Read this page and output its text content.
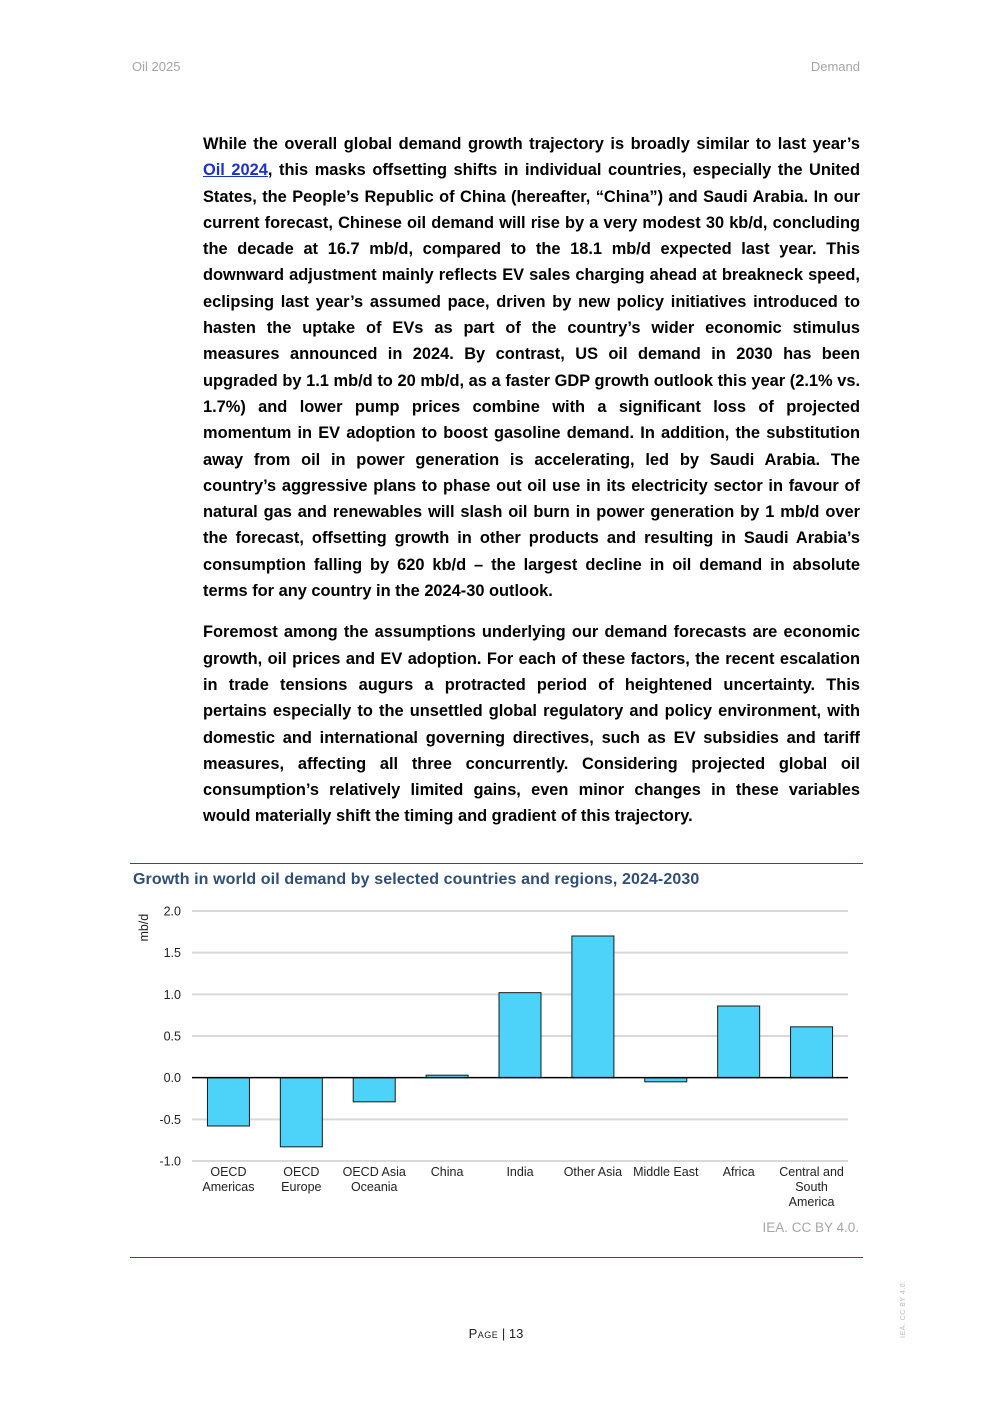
Oil 2025	Demand

While the overall global demand growth trajectory is broadly similar to last year’s Oil 2024, this masks offsetting shifts in individual countries, especially the United States, the People’s Republic of China (hereafter, “China”) and Saudi Arabia. In our current forecast, Chinese oil demand will rise by a very modest 30 kb/d, concluding the decade at 16.7 mb/d, compared to the 18.1 mb/d expected last year. This downward adjustment mainly reflects EV sales charging ahead at breakneck speed, eclipsing last year’s assumed pace, driven by new policy initiatives introduced to hasten the uptake of EVs as part of the country’s wider economic stimulus measures announced in 2024. By contrast, US oil demand in 2030 has been upgraded by 1.1 mb/d to 20 mb/d, as a faster GDP growth outlook this year (2.1% vs. 1.7%) and lower pump prices combine with a significant loss of projected momentum in EV adoption to boost gasoline demand. In addition, the substitution away from oil in power generation is accelerating, led by Saudi Arabia. The country’s aggressive plans to phase out oil use in its electricity sector in favour of natural gas and renewables will slash oil burn in power generation by 1 mb/d over the forecast, offsetting growth in other products and resulting in Saudi Arabia’s consumption falling by 620 kb/d – the largest decline in oil demand in absolute terms for any country in the 2024-30 outlook.

Foremost among the assumptions underlying our demand forecasts are economic growth, oil prices and EV adoption. For each of these factors, the recent escalation in trade tensions augurs a protracted period of heightened uncertainty. This pertains especially to the unsettled global regulatory and policy environment, with domestic and international governing directives, such as EV subsidies and tariff measures, affecting all three concurrently. Considering projected global oil consumption’s relatively limited gains, even minor changes in these variables would materially shift the timing and gradient of this trajectory.

Growth in world oil demand by selected countries and regions, 2024-2030
2.0
1.5
1.0
0.5
0.0
-0.5
-1.0
mb/d
OECD
Americas
OECD
Europe
OECD Asia
Oceania
China	India Other Asia Middle East Africa Central and
South
America
IEA. CC BY 4.0.
Page | 13	IEA. CC BY 4.0.
